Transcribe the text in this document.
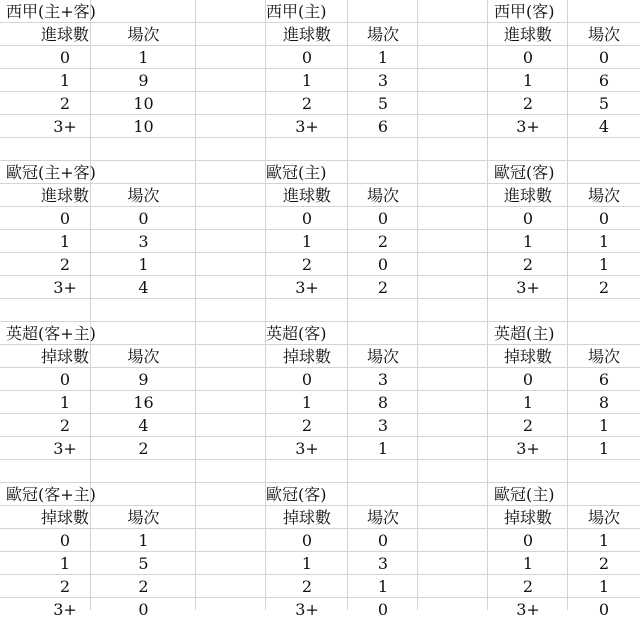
西甲(主+客)
進球數	場次
0	1
1	9
2	10
3+	10
西甲(主)
進球數	場次
0	1
1	3
2	5
3+	6
西甲(客)
進球數	場次
0	0
1	6
2	5
3+	4
歐冠(主+客)
進球數	場次
0	0
1	3
2	1
3+	4
歐冠(主)
進球數	場次
0	0
1	2
2	0
3+	2
歐冠(客)
進球數	場次
0	0
1	1
2	1
3+	2
英超(客+主)
掉球數	場次
0	9
1	16
2	4
3+	2
英超(客)
掉球數	場次
0	3
1	8
2	3
3+	1
英超(主)
掉球數	場次
0	6
1	8
2	1
3+	1
歐冠(客+主)
掉球數	場次
0	1
1	5
2	2
3+	0
歐冠(客)
掉球數	場次
0	0
1	3
2	1
3+	0
歐冠(主)
掉球數	場次
0	1
1	2
2	1
3+	0
